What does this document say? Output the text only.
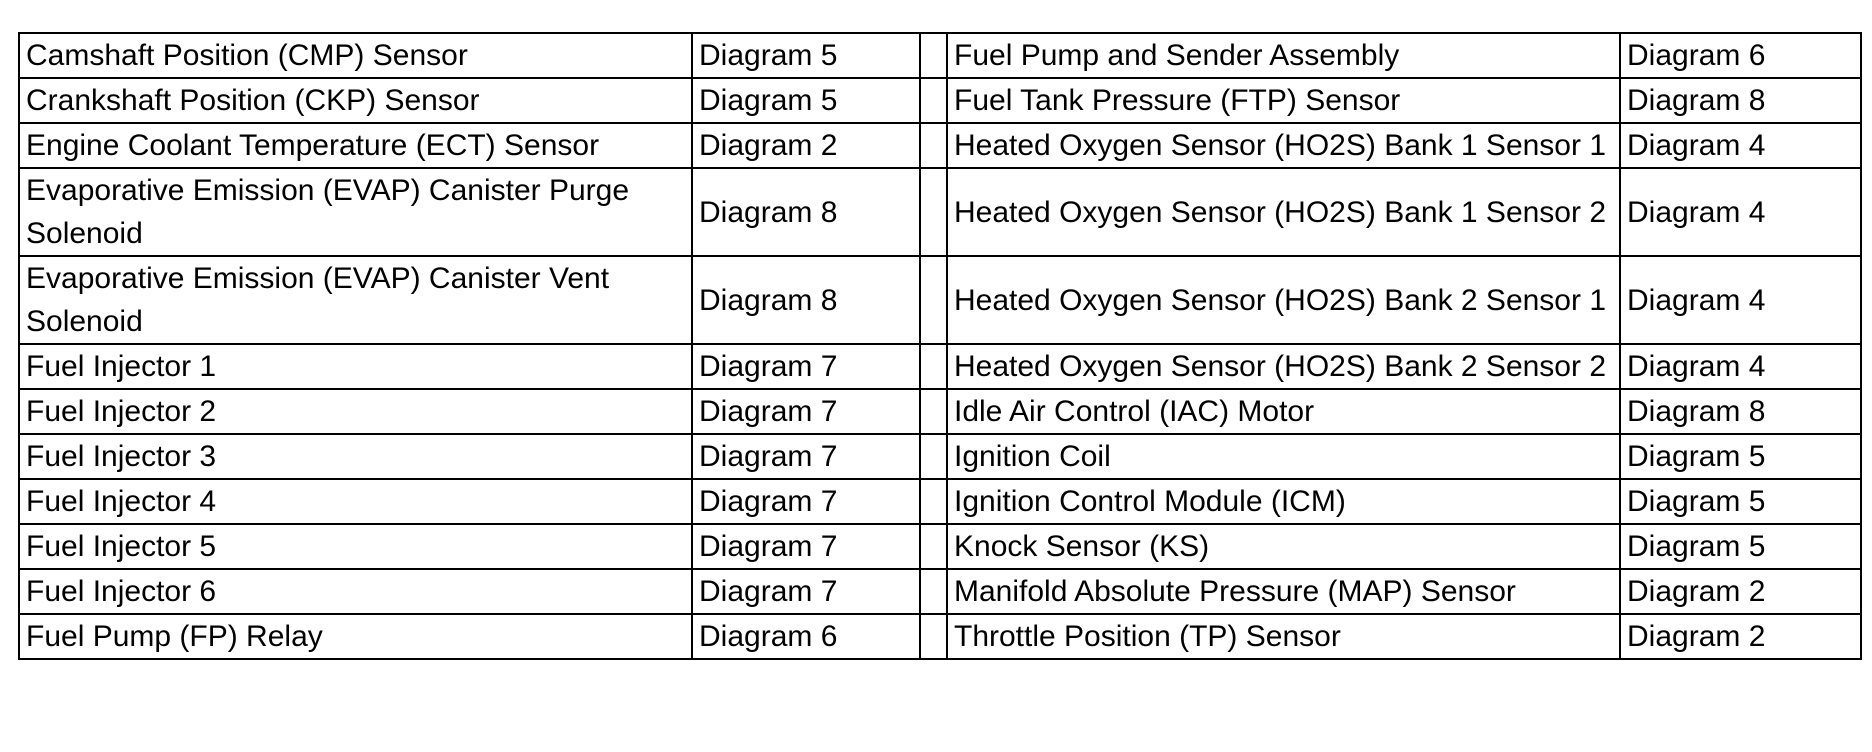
Camshaft Position (CMP) Sensor	Diagram 5		Fuel Pump and Sender Assembly	Diagram 6
Crankshaft Position (CKP) Sensor	Diagram 5		Fuel Tank Pressure (FTP) Sensor	Diagram 8
Engine Coolant Temperature (ECT) Sensor	Diagram 2		Heated Oxygen Sensor (HO2S) Bank 1 Sensor 1	Diagram 4
Evaporative Emission (EVAP) Canister Purge Solenoid	Diagram 8		Heated Oxygen Sensor (HO2S) Bank 1 Sensor 2	Diagram 4
Evaporative Emission (EVAP) Canister Vent Solenoid	Diagram 8		Heated Oxygen Sensor (HO2S) Bank 2 Sensor 1	Diagram 4
Fuel Injector 1	Diagram 7		Heated Oxygen Sensor (HO2S) Bank 2 Sensor 2	Diagram 4
Fuel Injector 2	Diagram 7		Idle Air Control (IAC) Motor	Diagram 8
Fuel Injector 3	Diagram 7		Ignition Coil	Diagram 5
Fuel Injector 4	Diagram 7		Ignition Control Module (ICM)	Diagram 5
Fuel Injector 5	Diagram 7		Knock Sensor (KS)	Diagram 5
Fuel Injector 6	Diagram 7		Manifold Absolute Pressure (MAP) Sensor	Diagram 2
Fuel Pump (FP) Relay	Diagram 6		Throttle Position (TP) Sensor	Diagram 2
